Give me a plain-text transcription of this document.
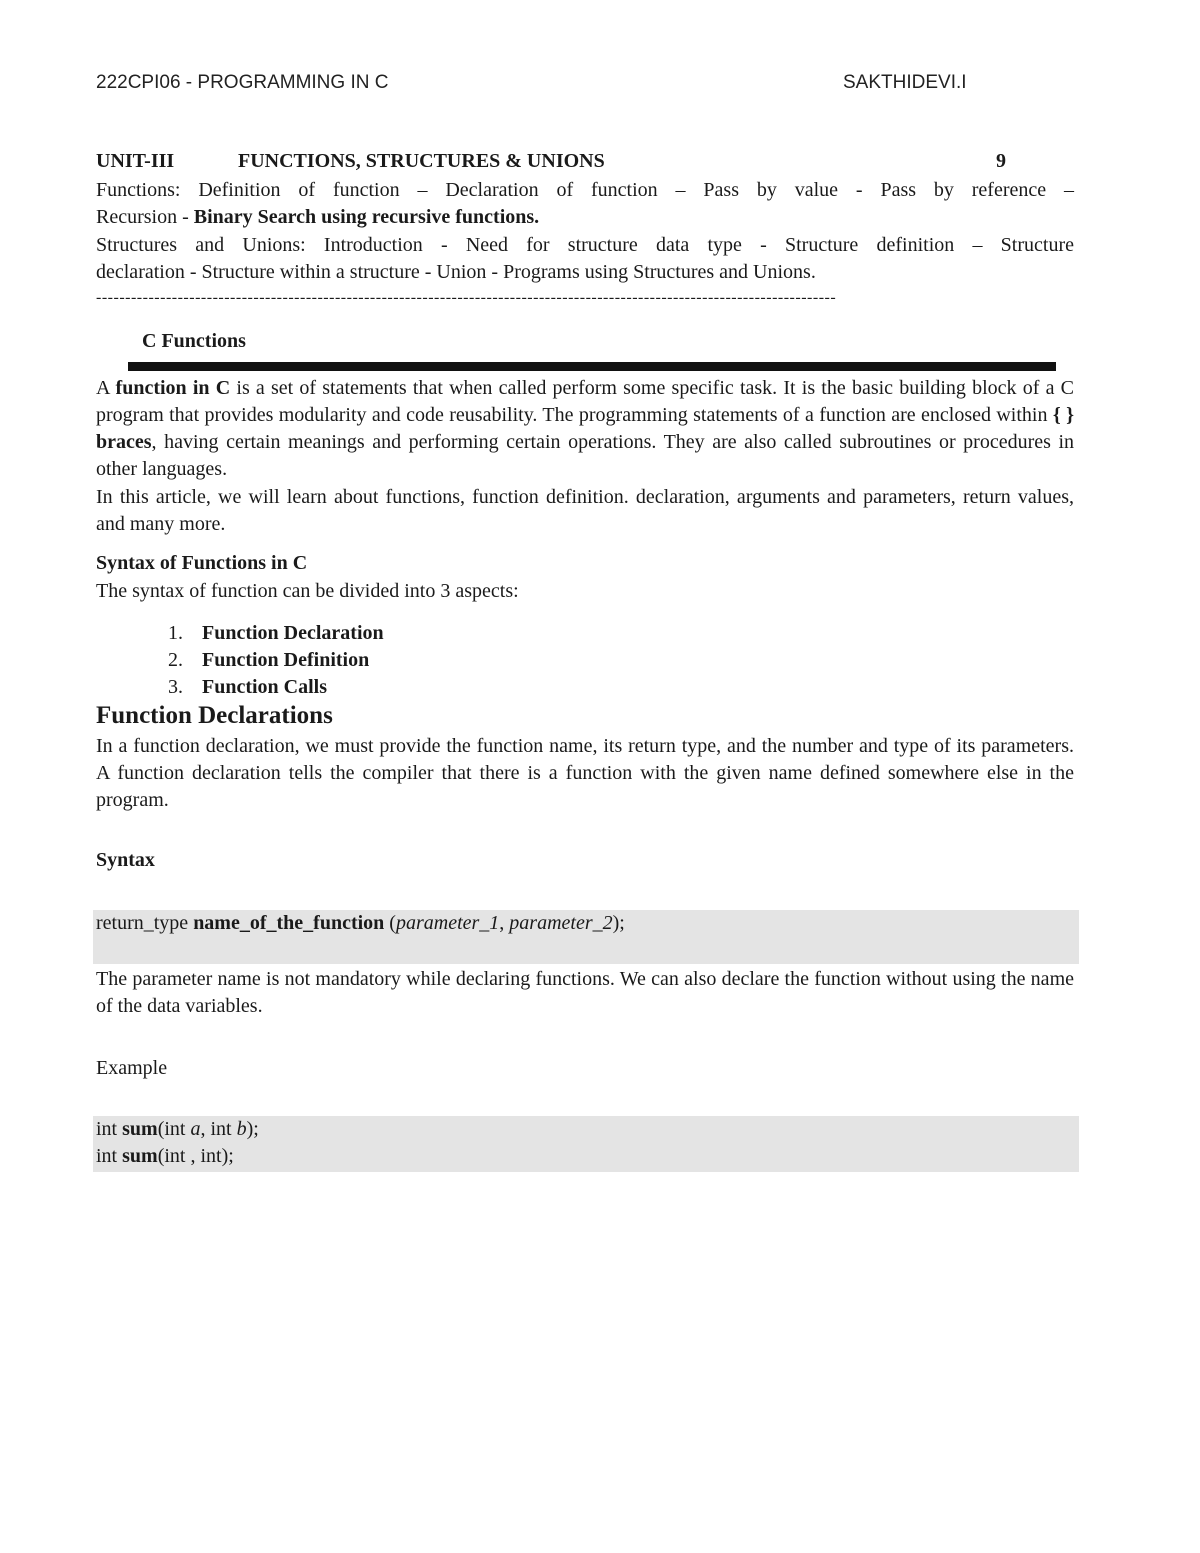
222CPI06 - PROGRAMMING IN C	SAKTHIDEVI.I
UNIT-III	FUNCTIONS, STRUCTURES & UNIONS	9
Functions: Definition of function – Declaration of function – Pass by value - Pass by reference –
Recursion - Binary Search using recursive functions.
Structures and Unions: Introduction - Need for structure data type - Structure definition – Structure
declaration - Structure within a structure - Union - Programs using Structures and Unions.
-------------------------------------------------------------------------------------------------------------------------------
C Functions
A function in C is a set of statements that when called perform some specific task. It is the basic building block of a C program that provides modularity and code reusability. The programming statements of a function are enclosed within { } braces, having certain meanings and performing certain operations. They are also called subroutines or procedures in other languages.
In this article, we will learn about functions, function definition. declaration, arguments and parameters, return values, and many more.
Syntax of Functions in C
The syntax of function can be divided into 3 aspects:
1. Function Declaration
2. Function Definition
3. Function Calls
Function Declarations
In a function declaration, we must provide the function name, its return type, and the number and type of its parameters. A function declaration tells the compiler that there is a function with the given name defined somewhere else in the program.
Syntax
return_type name_of_the_function (parameter_1, parameter_2);
The parameter name is not mandatory while declaring functions. We can also declare the function without using the name of the data variables.
Example
int sum(int a, int b);
int sum(int , int);
